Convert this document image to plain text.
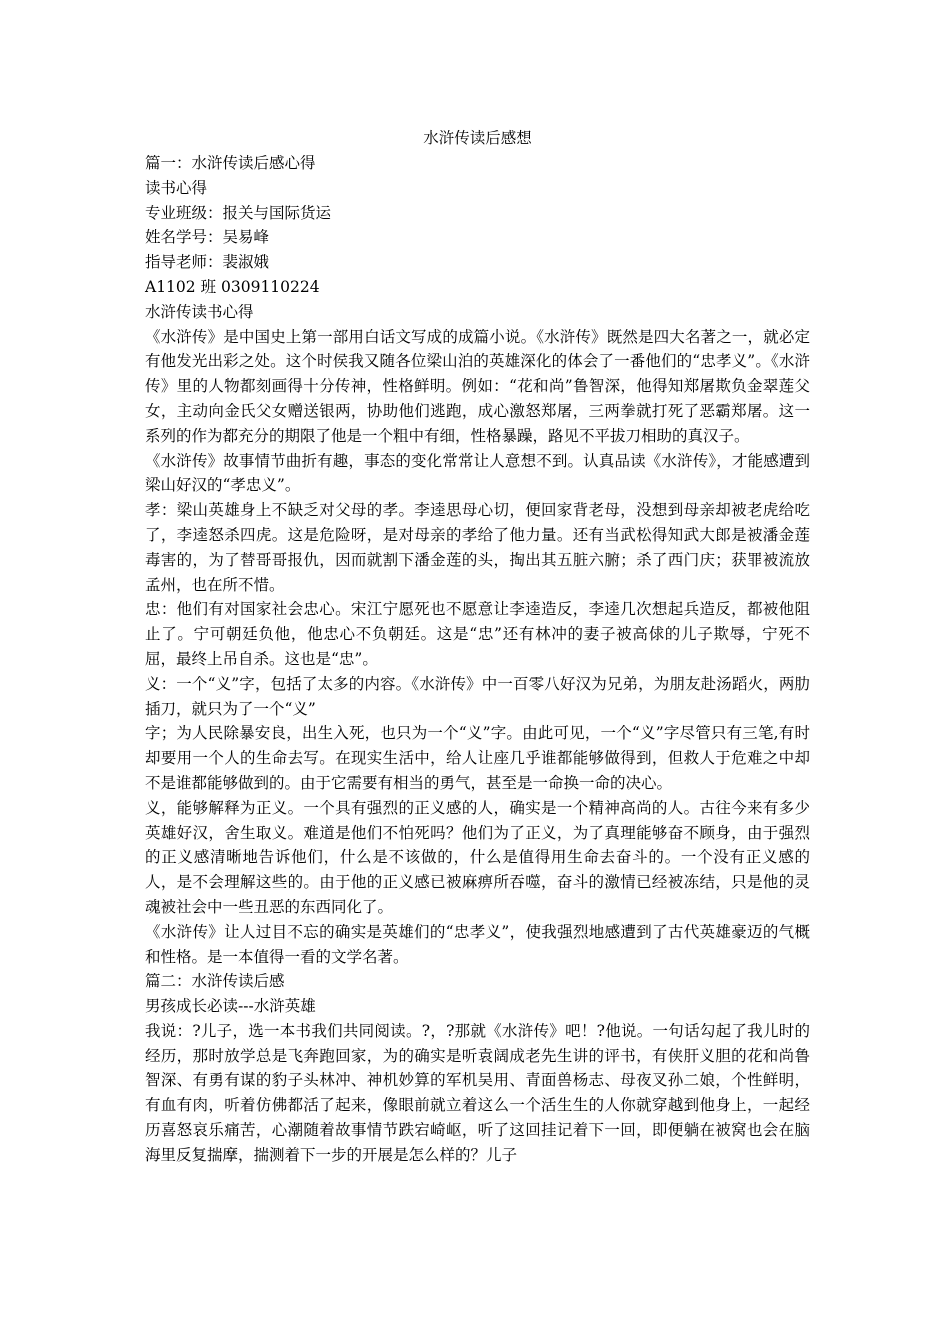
水浒传读后感想
篇一：水浒传读后感心得
读书心得
专业班级：报关与国际货运
姓名学号：吴易峰
指导老师：裴淑娥
A1102 班 0309110224
水浒传读书心得

《水浒传》是中国史上第一部用白话文写成的成篇小说。《水浒传》既然是四大名著之一，就必定有他发光出彩之处。这个时侯我又随各位梁山泊的英雄深化的体会了一番他们的“忠孝义”。《水浒传》里的人物都刻画得十分传神，性格鲜明。例如：“花和尚”鲁智深，他得知郑屠欺负金翠莲父女，主动向金氏父女赠送银两，协助他们逃跑，成心激怒郑屠，三两拳就打死了恶霸郑屠。这一系列的作为都充分的期限了他是一个粗中有细，性格暴躁，路见不平拔刀相助的真汉子。

《水浒传》故事情节曲折有趣，事态的变化常常让人意想不到。认真品读《水浒传》，才能感遭到梁山好汉的“孝忠义”。

孝：梁山英雄身上不缺乏对父母的孝。李逵思母心切，便回家背老母，没想到母亲却被老虎给吃了，李逵怒杀四虎。这是危险呀，是对母亲的孝给了他力量。还有当武松得知武大郎是被潘金莲毒害的，为了替哥哥报仇，因而就割下潘金莲的头，掏出其五脏六腑；杀了西门庆；获罪被流放孟州，也在所不惜。

忠：他们有对国家社会忠心。宋江宁愿死也不愿意让李逵造反，李逵几次想起兵造反，都被他阻止了。宁可朝廷负他，他忠心不负朝廷。这是“忠”还有林冲的妻子被高俅的儿子欺辱，宁死不屈，最终上吊自杀。这也是“忠”。

义：一个“义”字，包括了太多的内容。《水浒传》中一百零八好汉为兄弟，为朋友赴汤蹈火，两肋插刀，就只为了一个“义”

字；为人民除暴安良，出生入死，也只为一个“义”字。由此可见，一个“义”字尽管只有三笔,有时却要用一个人的生命去写。在现实生活中，给人让座几乎谁都能够做得到，但救人于危难之中却不是谁都能够做到的。由于它需要有相当的勇气，甚至是一命换一命的决心。

义，能够解释为正义。一个具有强烈的正义感的人，确实是一个精神高尚的人。古往今来有多少英雄好汉，舍生取义。难道是他们不怕死吗？他们为了正义，为了真理能够奋不顾身，由于强烈的正义感清晰地告诉他们，什么是不该做的，什么是值得用生命去奋斗的。一个没有正义感的人，是不会理解这些的。由于他的正义感已被麻痹所吞噬，奋斗的激情已经被冻结，只是他的灵魂被社会中一些丑恶的东西同化了。

《水浒传》让人过目不忘的确实是英雄们的“忠孝义”，使我强烈地感遭到了古代英雄豪迈的气概和性格。是一本值得一看的文学名著。

篇二：水浒传读后感
男孩成长必读---水浒英雄

我说：?儿子，选一本书我们共同阅读。?，?那就《水浒传》吧！?他说。一句话勾起了我儿时的经历，那时放学总是飞奔跑回家，为的确实是听袁阔成老先生讲的评书，有侠肝义胆的花和尚鲁智深、有勇有谋的豹子头林冲、神机妙算的军机吴用、青面兽杨志、母夜叉孙二娘，个性鲜明，有血有肉，听着仿佛都活了起来，像眼前就立着这么一个活生生的人你就穿越到他身上，一起经历喜怒哀乐痛苦，心潮随着故事情节跌宕崎岖，听了这回挂记着下一回，即便躺在被窝也会在脑海里反复揣摩，揣测着下一步的开展是怎么样的？儿子
